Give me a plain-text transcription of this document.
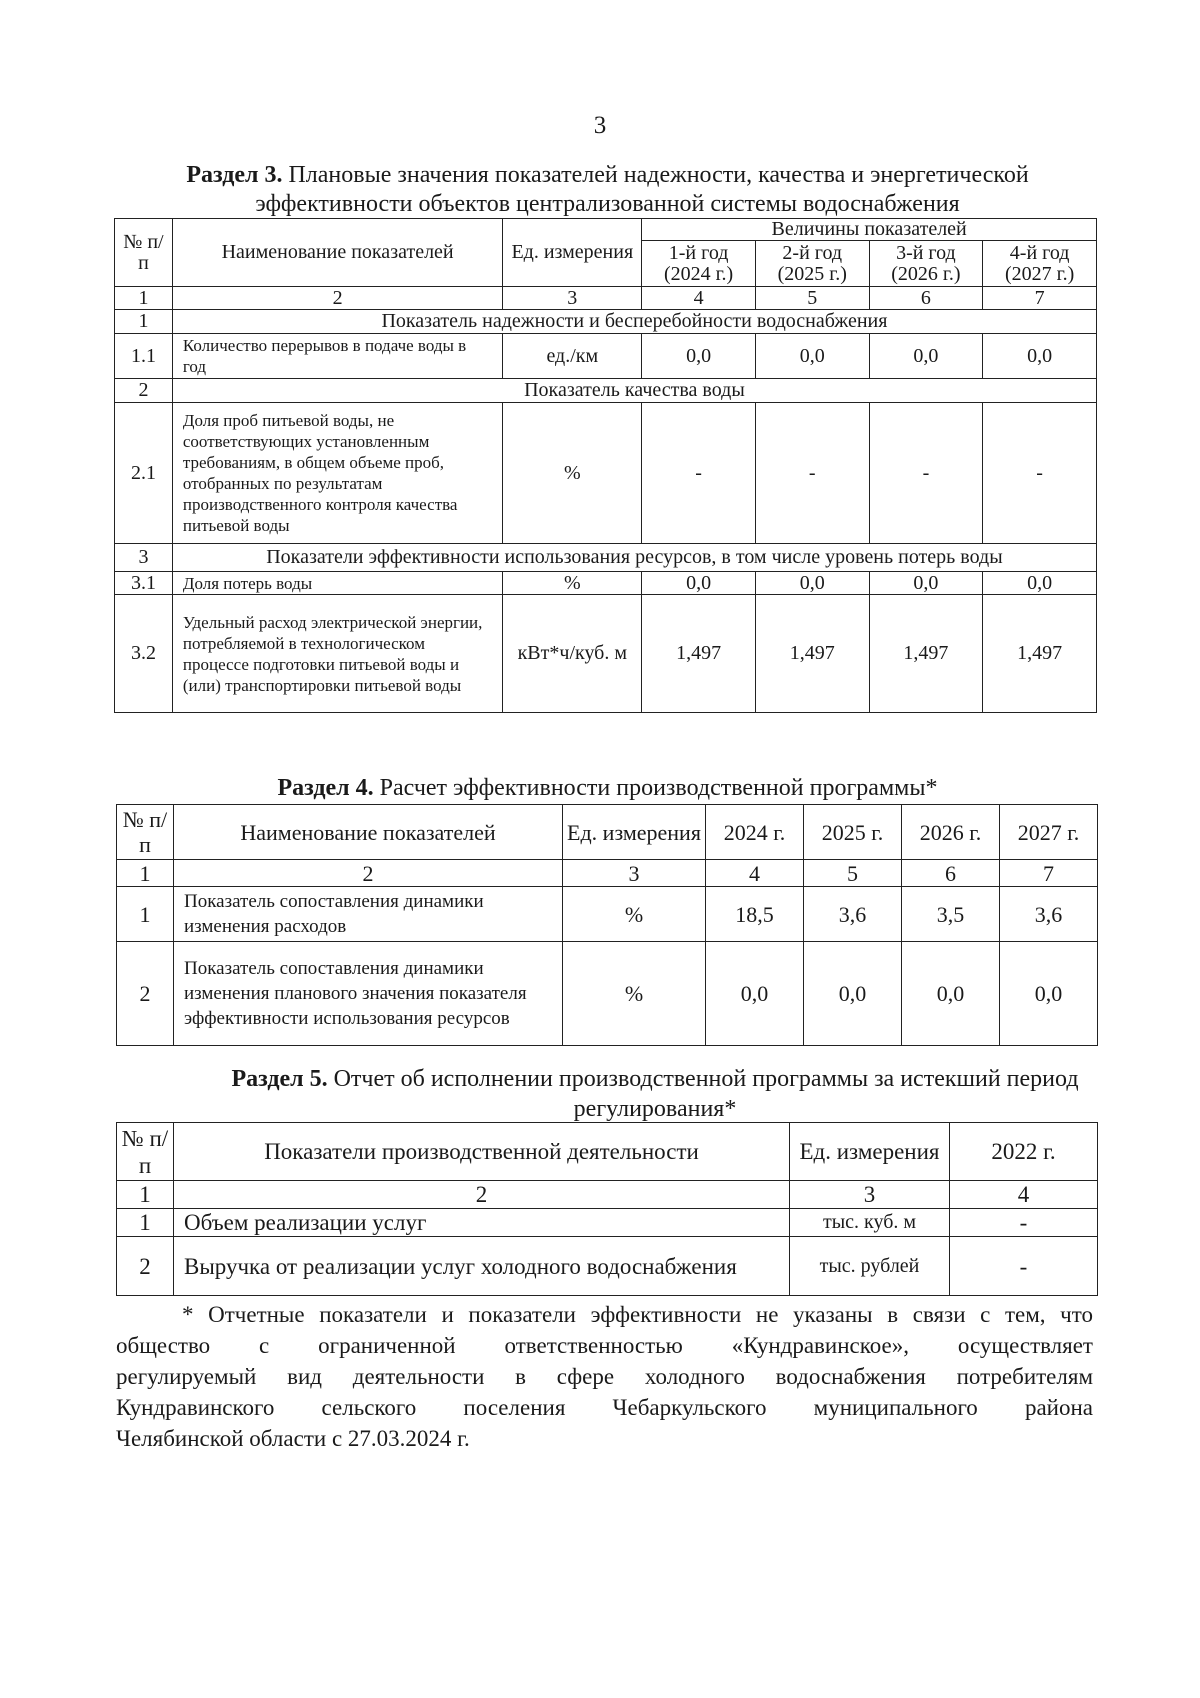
3
Раздел 3. Плановые значения показателей надежности, качества и энергетической эффективности объектов централизованной системы водоснабжения
№ п/п	Наименование показателей	Ед. измерения	Величины показателей			
			1-й год (2024 г.)	2-й год (2025 г.)	3-й год (2026 г.)	4-й год (2027 г.)
1	2	3	4	5	6	7
1	Показатель надежности и бесперебойности водоснабжения					
1.1	Количество перерывов в подаче воды в год	ед./км	0,0	0,0	0,0	0,0
2	Показатель качества воды					
2.1	Доля проб питьевой воды, не соответствующих установленным требованиям, в общем объеме проб, отобранных по результатам производственного контроля качества питьевой воды	%	-	-	-	-
3	Показатели эффективности использования ресурсов, в том числе уровень потерь воды					
3.1	Доля потерь воды	%	0,0	0,0	0,0	0,0
3.2	Удельный расход электрической энергии, потребляемой в технологическом процессе подготовки питьевой воды и (или) транспортировки питьевой воды	кВт*ч/куб. м	1,497	1,497	1,497	1,497
Раздел 4. Расчет эффективности производственной программы*
№ п/п	Наименование показателей	Ед. измерения	2024 г.	2025 г.	2026 г.	2027 г.
1	2	3	4	5	6	7
1	Показатель сопоставления динамики изменения расходов	%	18,5	3,6	3,5	3,6
2	Показатель сопоставления динамики изменения планового значения показателя эффективности использования ресурсов	%	0,0	0,0	0,0	0,0
Раздел 5. Отчет об исполнении производственной программы за истекший период регулирования*
№ п/п	Показатели производственной деятельности	Ед. измерения	2022 г.
1	2	3	4
1	Объем реализации услуг	тыс. куб. м	-
2	Выручка от реализации услуг холодного водоснабжения	тыс. рублей	-
* Отчетные показатели и показатели эффективности не указаны в связи с тем, что
общество с ограниченной ответственностью «Кундравинское», осуществляет
регулируемый вид деятельности в сфере холодного водоснабжения потребителям
Кундравинского сельского поселения Чебаркульского муниципального района
Челябинской области с 27.03.2024 г.
